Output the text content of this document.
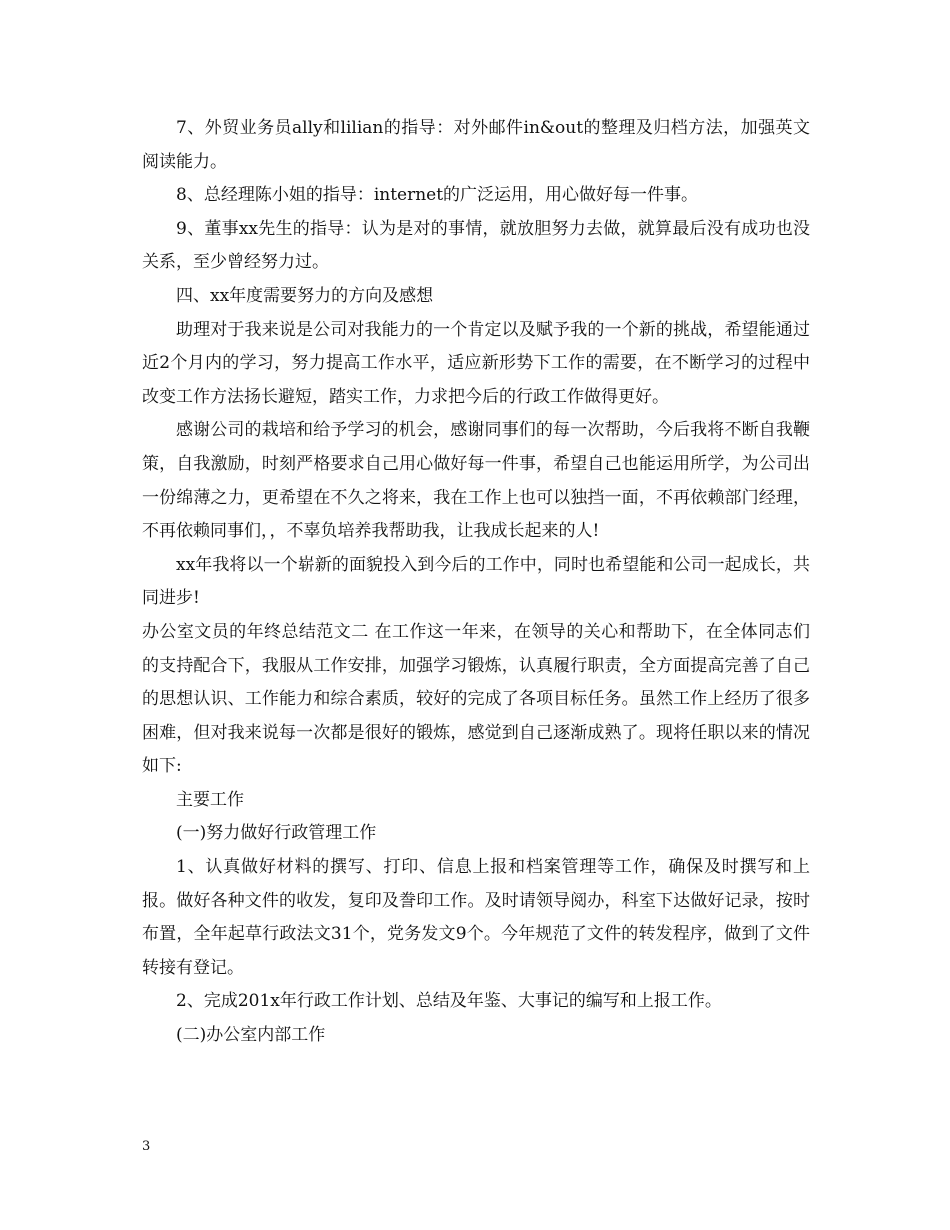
7、外贸业务员ally和lilian的指导：对外邮件in&out的整理及归档方法，加强英文阅读能力。

8、总经理陈小姐的指导：internet的广泛运用，用心做好每一件事。

9、董事xx先生的指导：认为是对的事情，就放胆努力去做，就算最后没有成功也没关系，至少曾经努力过。

四、xx年度需要努力的方向及感想

助理对于我来说是公司对我能力的一个肯定以及赋予我的一个新的挑战，希望能通过近2个月内的学习，努力提高工作水平，适应新形势下工作的需要，在不断学习的过程中改变工作方法扬长避短，踏实工作，力求把今后的行政工作做得更好。

感谢公司的栽培和给予学习的机会，感谢同事们的每一次帮助，今后我将不断自我鞭策，自我激励，时刻严格要求自己用心做好每一件事，希望自己也能运用所学，为公司出一份绵薄之力，更希望在不久之将来，我在工作上也可以独挡一面，不再依赖部门经理，不再依赖同事们，，不辜负培养我帮助我，让我成长起来的人!

xx年我将以一个崭新的面貌投入到今后的工作中，同时也希望能和公司一起成长，共同进步!

办公室文员的年终总结范文二 在工作这一年来，在领导的关心和帮助下，在全体同志们的支持配合下，我服从工作安排，加强学习锻炼，认真履行职责，全方面提高完善了自己的思想认识、工作能力和综合素质，较好的完成了各项目标任务。虽然工作上经历了很多困难，但对我来说每一次都是很好的锻炼，感觉到自己逐渐成熟了。现将任职以来的情况如下:

主要工作

(一)努力做好行政管理工作

1、认真做好材料的撰写、打印、信息上报和档案管理等工作，确保及时撰写和上报。做好各种文件的收发，复印及誊印工作。及时请领导阅办，科室下达做好记录，按时布置，全年起草行政法文31个，党务发文9个。今年规范了文件的转发程序，做到了文件转接有登记。

2、完成201x年行政工作计划、总结及年鉴、大事记的编写和上报工作。

(二)办公室内部工作

3
